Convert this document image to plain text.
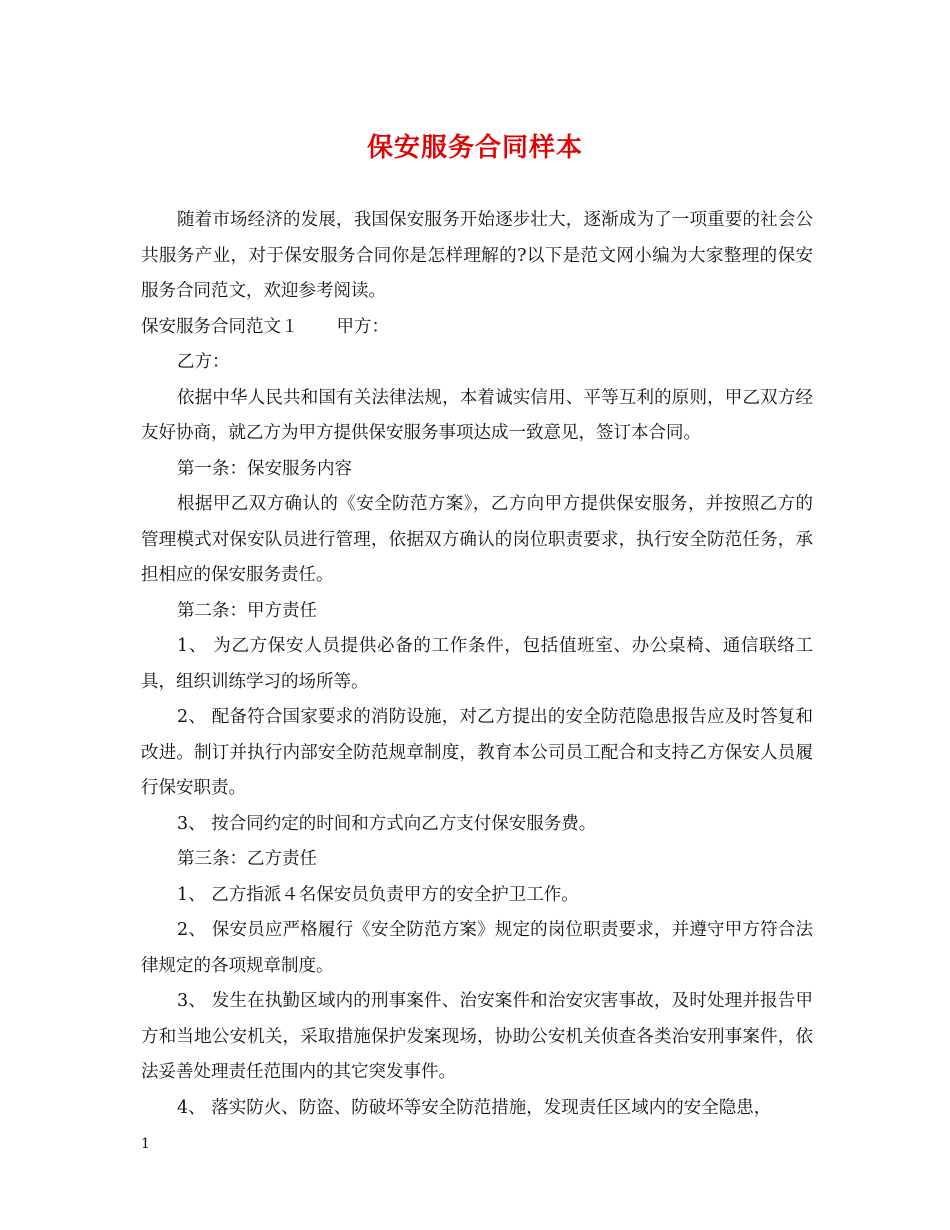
保安服务合同样本

随着市场经济的发展，我国保安服务开始逐步壮大，逐渐成为了一项重要的社会公共服务产业，对于保安服务合同你是怎样理解的?以下是范文网小编为大家整理的保安服务合同范文，欢迎参考阅读。

保安服务合同范文１ 甲方：

乙方：

依据中华人民共和国有关法律法规，本着诚实信用、平等互利的原则，甲乙双方经友好协商，就乙方为甲方提供保安服务事项达成一致意见，签订本合同。

第一条：保安服务内容

根据甲乙双方确认的《安全防范方案》，乙方向甲方提供保安服务，并按照乙方的管理模式对保安队员进行管理，依据双方确认的岗位职责要求，执行安全防范任务，承担相应的保安服务责任。

第二条：甲方责任

1、 为乙方保安人员提供必备的工作条件，包括值班室、办公桌椅、通信联络工具，组织训练学习的场所等。

2、 配备符合国家要求的消防设施，对乙方提出的安全防范隐患报告应及时答复和改进。制订并执行内部安全防范规章制度，教育本公司员工配合和支持乙方保安人员履行保安职责。

3、 按合同约定的时间和方式向乙方支付保安服务费。

第三条：乙方责任

1、 乙方指派４名保安员负责甲方的安全护卫工作。

2、 保安员应严格履行《安全防范方案》规定的岗位职责要求，并遵守甲方符合法律规定的各项规章制度。

3、 发生在执勤区域内的刑事案件、治安案件和治安灾害事故，及时处理并报告甲方和当地公安机关，采取措施保护发案现场，协助公安机关侦查各类治安刑事案件，依法妥善处理责任范围内的其它突发事件。

4、 落实防火、防盗、防破坏等安全防范措施，发现责任区域内的安全隐患，

1
